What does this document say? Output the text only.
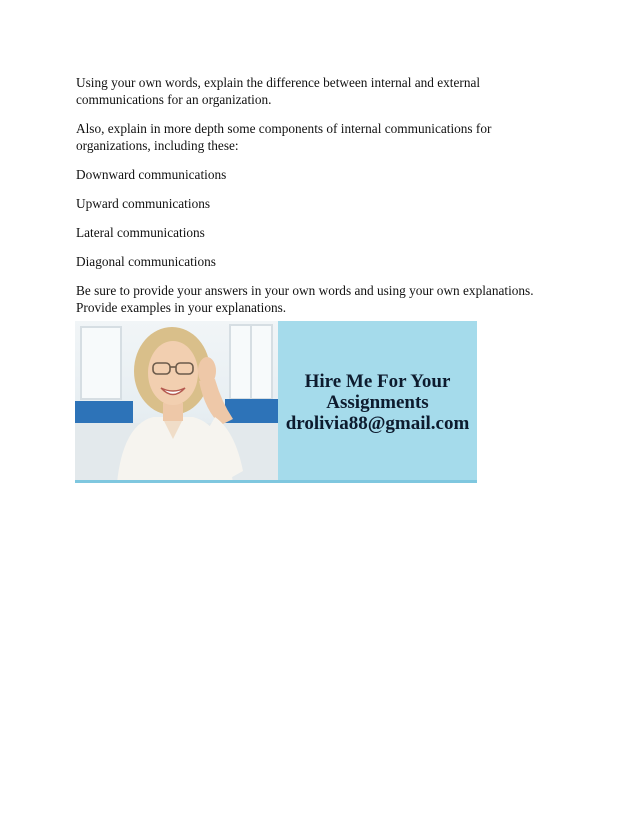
Using your own words, explain the difference between internal and external communications for an organization.

Also, explain in more depth some components of internal communications for organizations, including these:

Downward communications

Upward communications

Lateral communications

Diagonal communications

Be sure to provide your answers in your own words and using your own explanations. Provide examples in your explanations.

Hire Me For Your
Assignments
drolivia88@gmail.com
